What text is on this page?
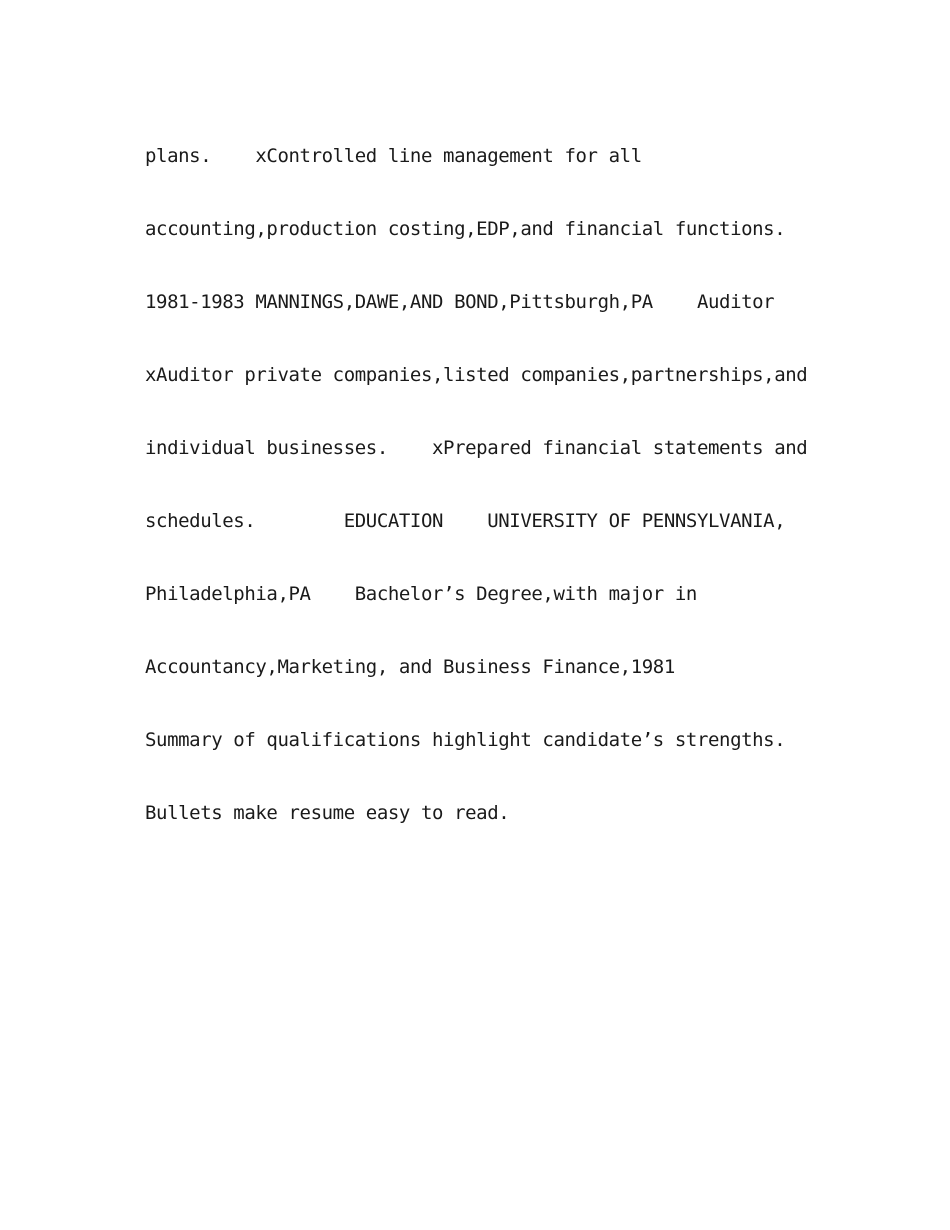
plans.    xControlled line management for all
accounting,production costing,EDP,and financial functions.
1981-1983 MANNINGS,DAWE,AND BOND,Pittsburgh,PA    Auditor
xAuditor private companies,listed companies,partnerships,and
individual businesses.    xPrepared financial statements and
schedules.        EDUCATION    UNIVERSITY OF PENNSYLVANIA,
Philadelphia,PA    Bachelor’s Degree,with major in
Accountancy,Marketing, and Business Finance,1981
Summary of qualifications highlight candidate’s strengths.
Bullets make resume easy to read.
